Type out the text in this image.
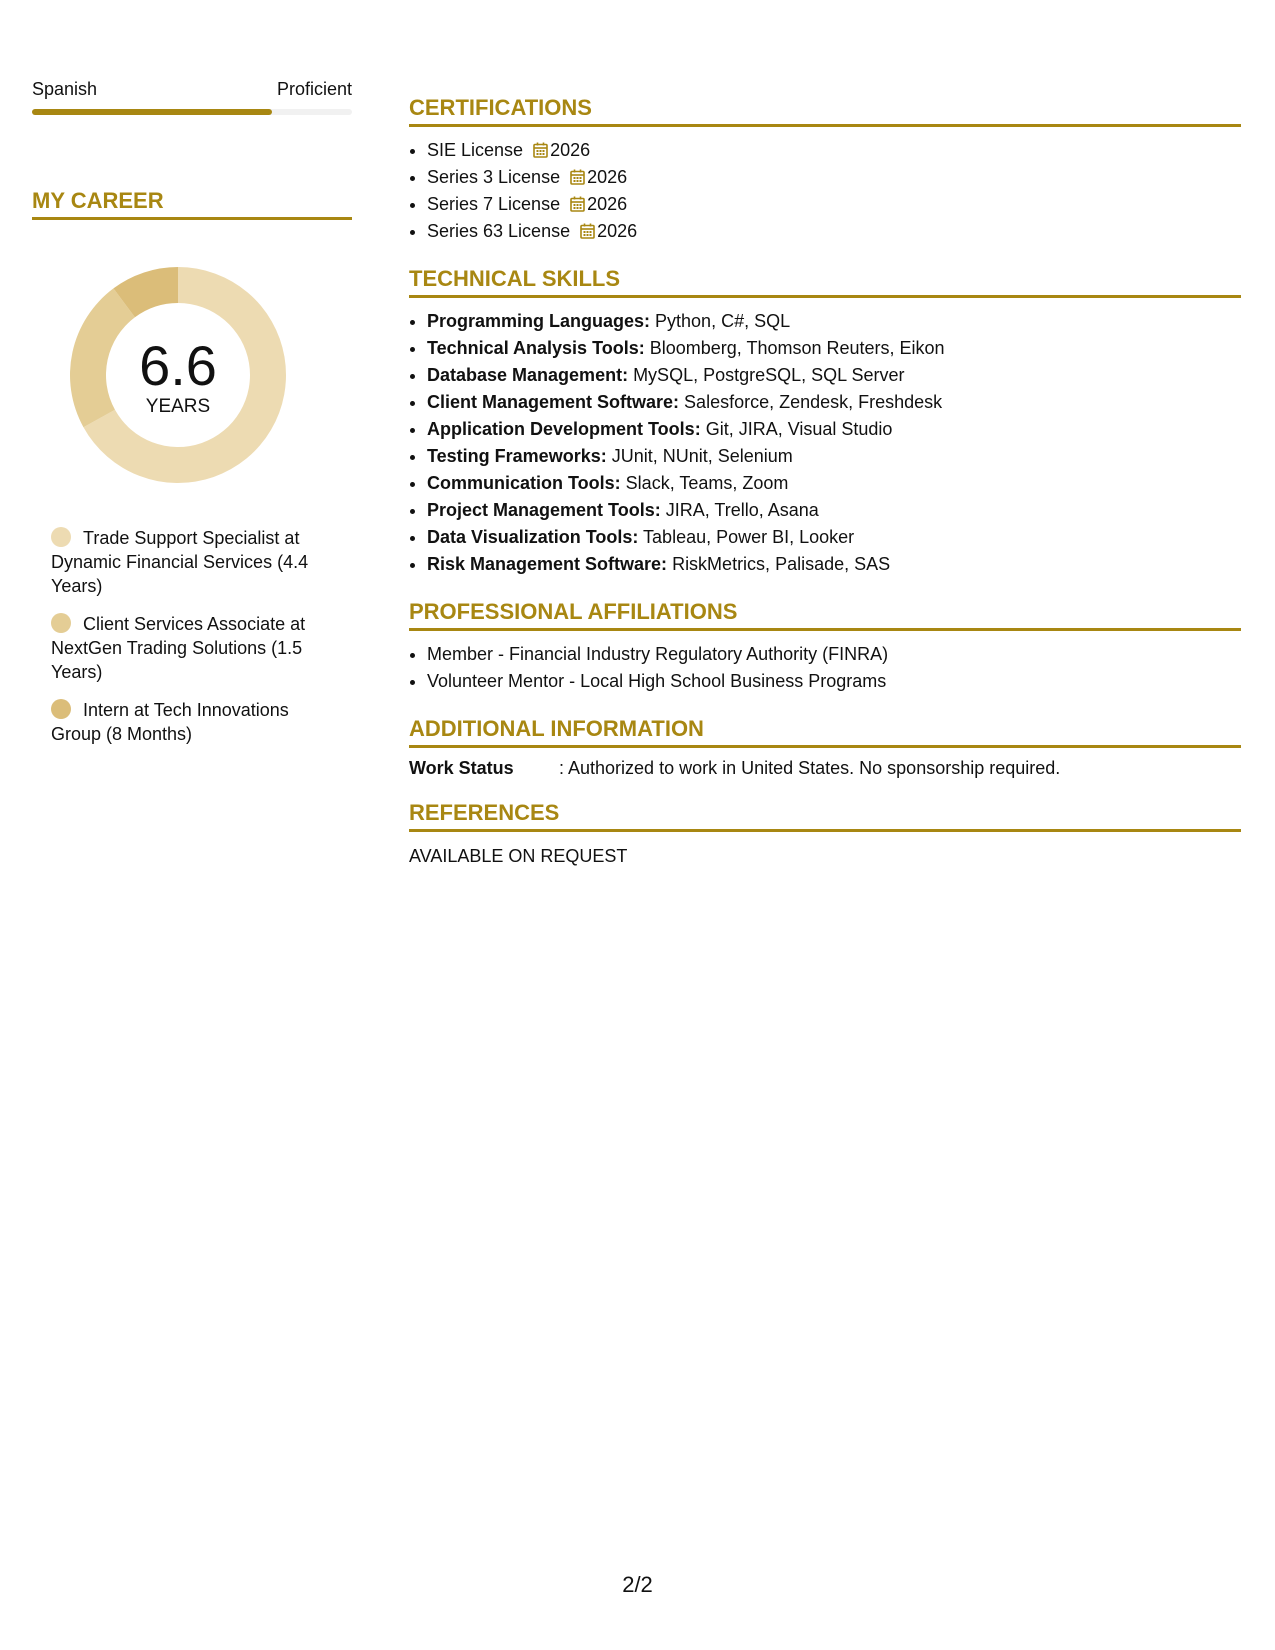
Spanish	Proficient
MY CAREER
6.6
YEARS
Trade Support Specialist at Dynamic Financial Services (4.4 Years)
Client Services Associate at NextGen Trading Solutions (1.5 Years)
Intern at Tech Innovations Group (8 Months)
CERTIFICATIONS
• SIE License 2026
• Series 3 License 2026
• Series 7 License 2026
• Series 63 License 2026
TECHNICAL SKILLS
• Programming Languages: Python, C#, SQL
• Technical Analysis Tools: Bloomberg, Thomson Reuters, Eikon
• Database Management: MySQL, PostgreSQL, SQL Server
• Client Management Software: Salesforce, Zendesk, Freshdesk
• Application Development Tools: Git, JIRA, Visual Studio
• Testing Frameworks: JUnit, NUnit, Selenium
• Communication Tools: Slack, Teams, Zoom
• Project Management Tools: JIRA, Trello, Asana
• Data Visualization Tools: Tableau, Power BI, Looker
• Risk Management Software: RiskMetrics, Palisade, SAS
PROFESSIONAL AFFILIATIONS
• Member - Financial Industry Regulatory Authority (FINRA)
• Volunteer Mentor - Local High School Business Programs
ADDITIONAL INFORMATION
Work Status	: Authorized to work in United States. No sponsorship required.
REFERENCES
AVAILABLE ON REQUEST
2/2
